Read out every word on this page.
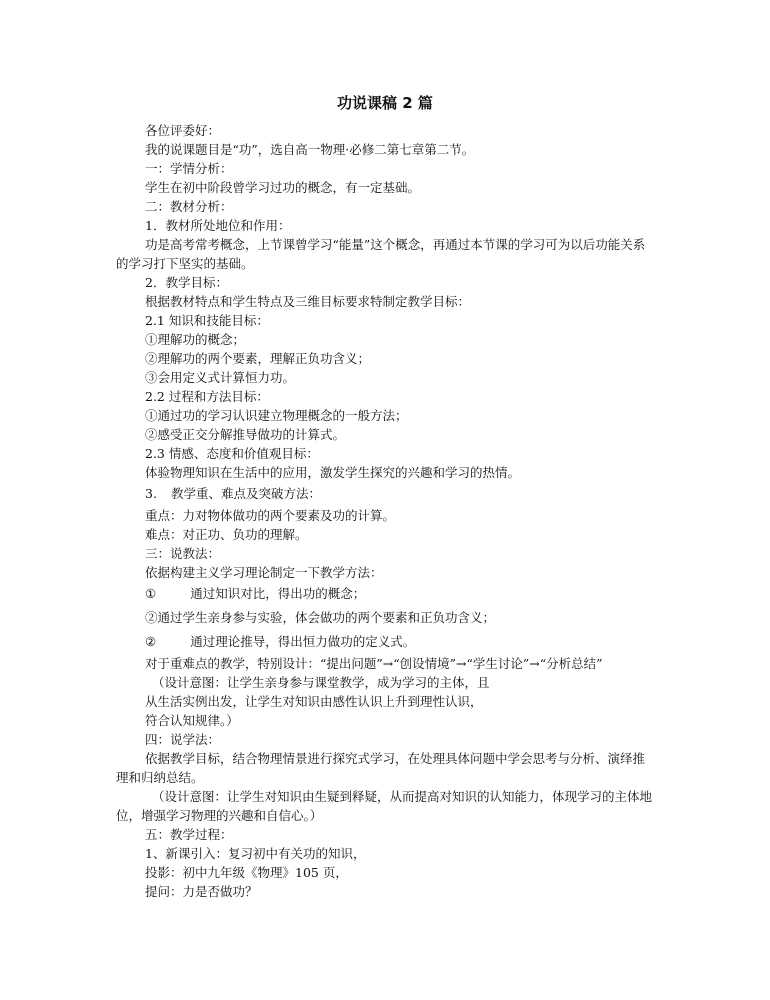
功说课稿 2 篇

各位评委好：

我的说课题目是“功”，选自高一物理·必修二第七章第二节。

一：学情分析：

学生在初中阶段曾学习过功的概念，有一定基础。

二：教材分析：

1．教材所处地位和作用：

功是高考常考概念，上节课曾学习“能量”这个概念，再通过本节课的学习可为以后功能关系的学习打下坚实的基础。

2．教学目标：

根据教材特点和学生特点及三维目标要求特制定教学目标：

2.1 知识和技能目标：

①理解功的概念；

②理解功的两个要素，理解正负功含义；

③会用定义式计算恒力功。

2.2 过程和方法目标：

①通过功的学习认识建立物理概念的一般方法；

②感受正交分解推导做功的计算式。

2.3 情感、态度和价值观目标：

体验物理知识在生活中的应用，激发学生探究的兴趣和学习的热情。

3. 教学重、难点及突破方法：

重点：力对物体做功的两个要素及功的计算。

难点：对正功、负功的理解。

三：说教法：

依据构建主义学习理论制定一下教学方法：

①	通过知识对比，得出功的概念；

②通过学生亲身参与实验，体会做功的两个要素和正负功含义；

②	通过理论推导，得出恒力做功的定义式。

对于重难点的教学，特别设计：“提出问题”→“创设情境”→“学生讨论”→“分析总结”

（设计意图：让学生亲身参与课堂教学，成为学习的主体，且

从生活实例出发，让学生对知识由感性认识上升到理性认识，

符合认知规律。）

四：说学法：

依据教学目标，结合物理情景进行探究式学习，在处理具体问题中学会思考与分析、演绎推理和归纳总结。

（设计意图：让学生对知识由生疑到释疑，从而提高对知识的认知能力，体现学习的主体地位，增强学习物理的兴趣和自信心。）

五：教学过程：

1、新课引入：复习初中有关功的知识，

投影：初中九年级《物理》105 页，

提问：力是否做功？
